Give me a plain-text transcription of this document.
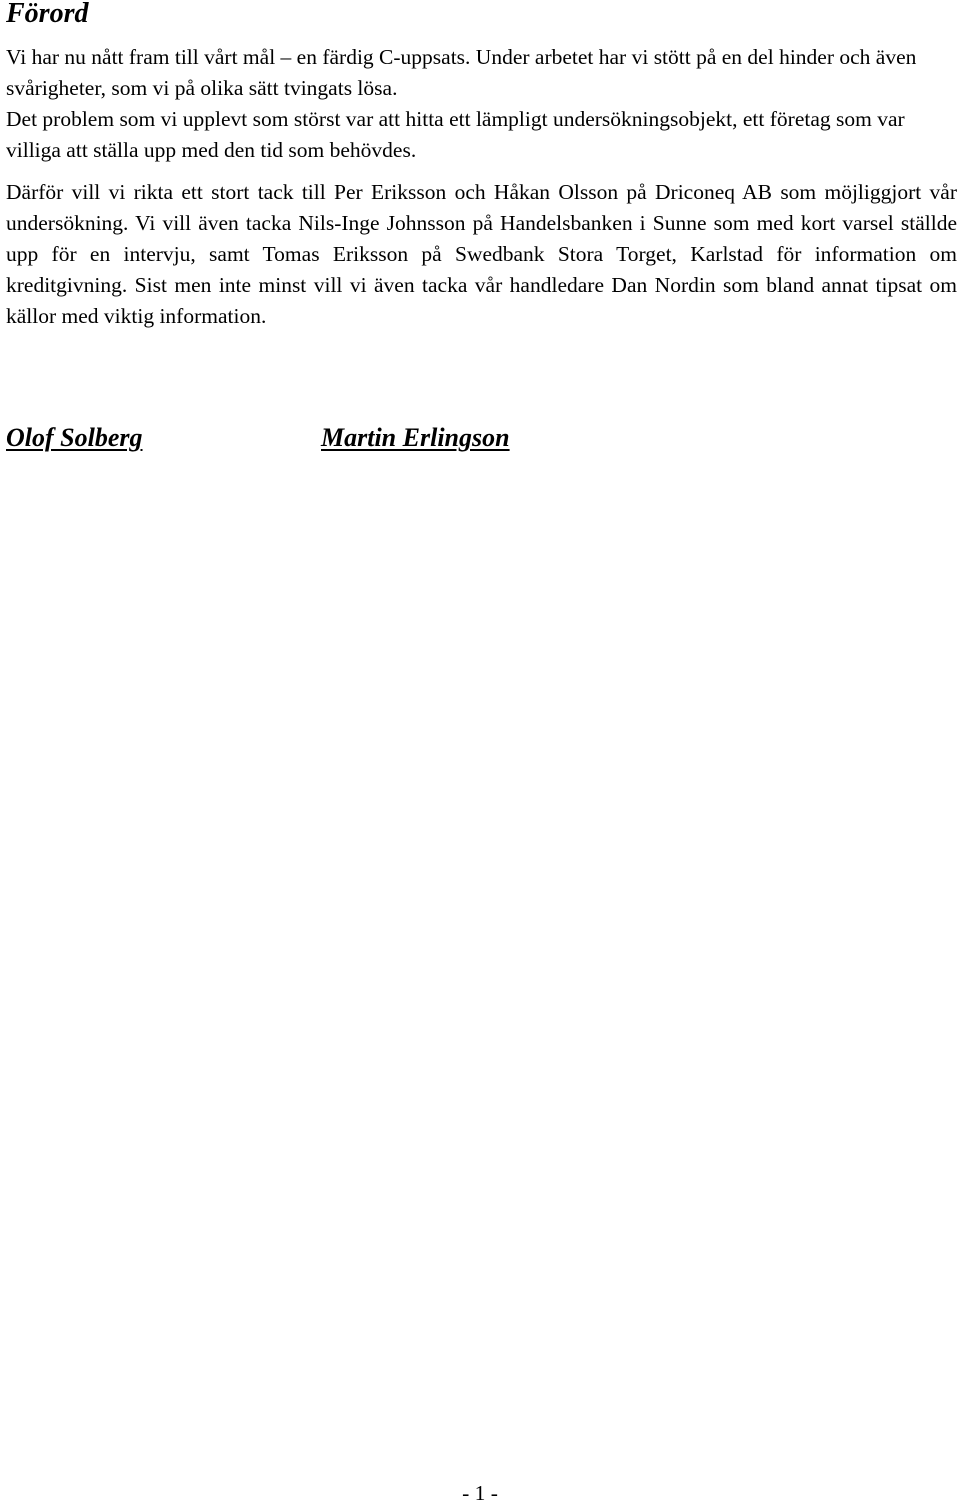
Förord

Vi har nu nått fram till vårt mål – en färdig C-uppsats. Under arbetet har vi stött på en del hinder och även svårigheter, som vi på olika sätt tvingats lösa.

Det problem som vi upplevt som störst var att hitta ett lämpligt undersökningsobjekt, ett företag som var villiga att ställa upp med den tid som behövdes.

Därför vill vi rikta ett stort tack till Per Eriksson och Håkan Olsson på Driconeq AB som möjliggjort vår undersökning. Vi vill även tacka Nils-Inge Johnsson på Handelsbanken i Sunne som med kort varsel ställde upp för en intervju, samt Tomas Eriksson på Swedbank Stora Torget, Karlstad för information om kreditgivning. Sist men inte minst vill vi även tacka vår handledare Dan Nordin som bland annat tipsat om källor med viktig information.

Olof Solberg	Martin Erlingson

- 1 -
